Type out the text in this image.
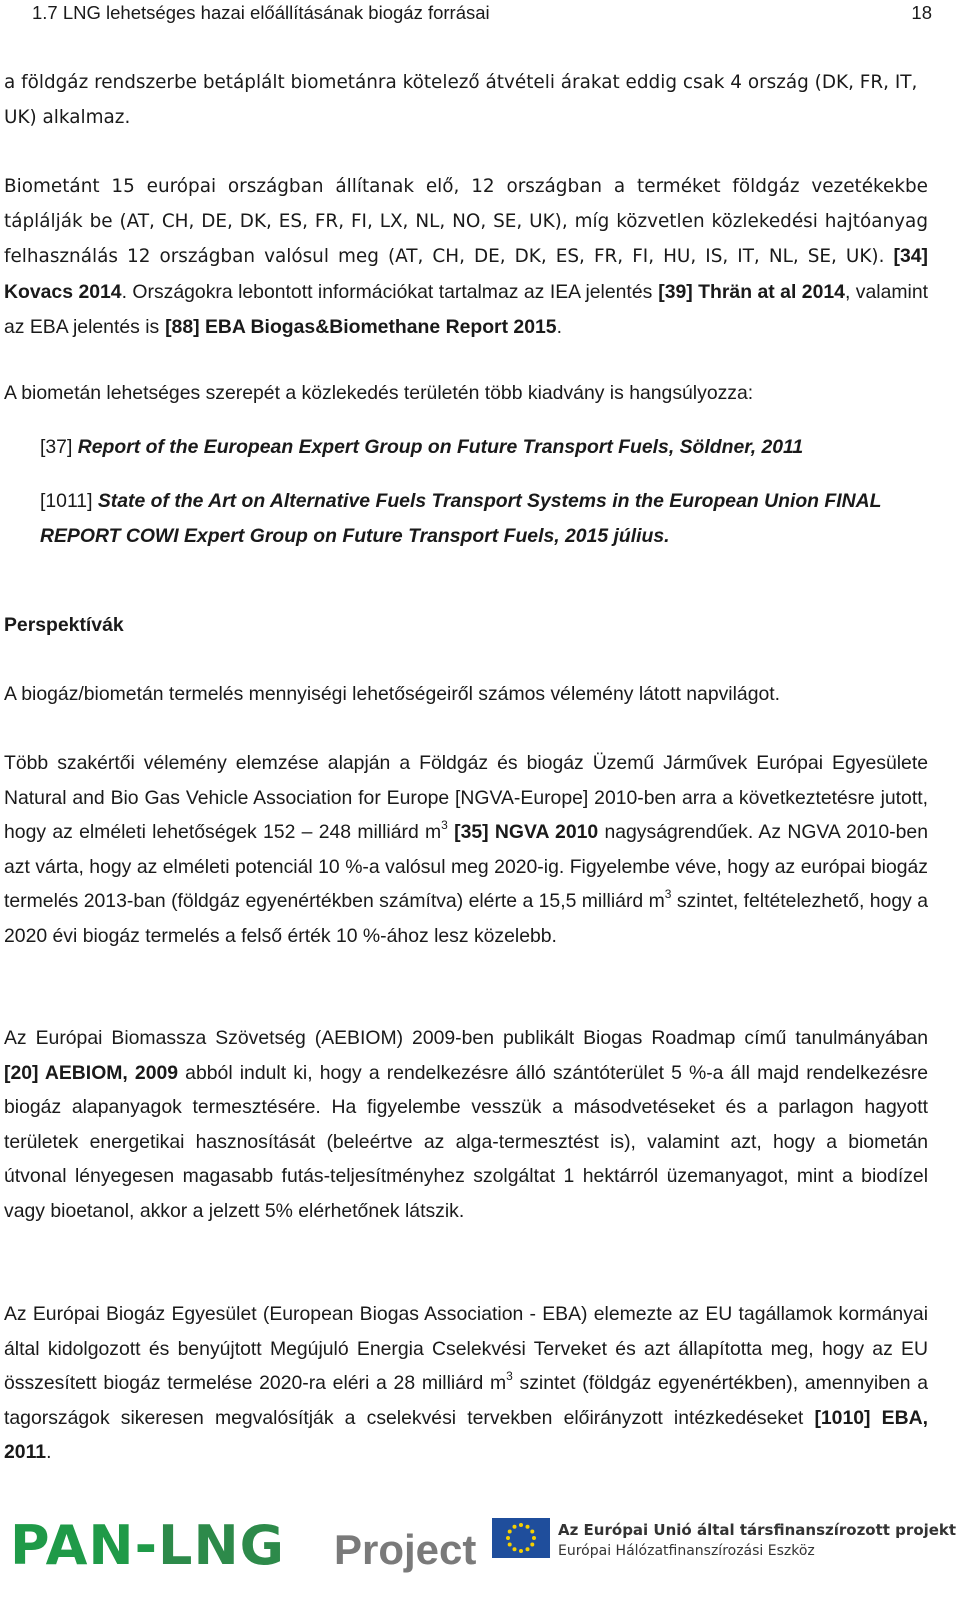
1.7 LNG lehetséges hazai előállításának biogáz forrásai	18

a földgáz rendszerbe betáplált biometánra kötelező átvételi árakat eddig csak 4 ország (DK, FR, IT, UK) alkalmaz.

Biometánt 15 európai országban állítanak elő, 12 országban a terméket földgáz vezetékekbe táplálják be (AT, CH, DE, DK, ES, FR, FI, LX, NL, NO, SE, UK), míg közvetlen közlekedési hajtóanyag felhasználás 12 országban valósul meg (AT, CH, DE, DK, ES, FR, FI, HU, IS, IT, NL, SE, UK). [34] Kovacs 2014. Országokra lebontott információkat tartalmaz az IEA jelentés [39] Thrän at al 2014, valamint az EBA jelentés is [88] EBA Biogas&Biomethane Report 2015.

A biometán lehetséges szerepét a közlekedés területén több kiadvány is hangsúlyozza:

[37] Report of the European Expert Group on Future Transport Fuels, Söldner, 2011

[1011] State of the Art on Alternative Fuels Transport Systems in the European Union FINAL REPORT COWI Expert Group on Future Transport Fuels, 2015 július.

Perspektívák

A biogáz/biometán termelés mennyiségi lehetőségeiről számos vélemény látott napvilágot.

Több szakértői vélemény elemzése alapján a Földgáz és biogáz Üzemű Járművek Európai Egyesülete Natural and Bio Gas Vehicle Association for Europe [NGVA-Europe] 2010-ben arra a következtetésre jutott, hogy az elméleti lehetőségek 152 – 248 milliárd $m^3$ [35] NGVA 2010 nagyságrendűek. Az NGVA 2010-ben azt várta, hogy az elméleti potenciál 10 %-a valósul meg 2020-ig. Figyelembe véve, hogy az európai biogáz termelés 2013-ban (földgáz egyenértékben számítva) elérte a 15,5 milliárd $m^3$ szintet, feltételezhető, hogy a 2020 évi biogáz termelés a felső érték 10 %-ához lesz közelebb.

Az Európai Biomassza Szövetség (AEBIOM) 2009-ben publikált Biogas Roadmap című tanulmányában [20] AEBIOM, 2009 abból indult ki, hogy a rendelkezésre álló szántóterület 5 %-a áll majd rendelkezésre biogáz alapanyagok termesztésére. Ha figyelembe vesszük a másodvetéseket és a parlagon hagyott területek energetikai hasznosítását (beleértve az alga-termesztést is), valamint azt, hogy a biometán útvonal lényegesen magasabb futás-teljesítményhez szolgáltat 1 hektárról üzemanyagot, mint a biodízel vagy bioetanol, akkor a jelzett 5% elérhetőnek látszik.

Az Európai Biogáz Egyesület (European Biogas Association - EBA) elemezte az EU tagállamok kormányai által kidolgozott és benyújtott Megújuló Energia Cselekvési Terveket és azt állapította meg, hogy az EU összesített biogáz termelése 2020-ra eléri a 28 milliárd $m^3$ szintet (földgáz egyenértékben), amennyiben a tagországok sikeresen megvalósítják a cselekvési tervekben előirányzott intézkedéseket [1010] EBA, 2011.

PAN-LNG Project	Az Európai Unió által társfinanszírozott projekt
Európai Hálózatfinanszírozási Eszköz
